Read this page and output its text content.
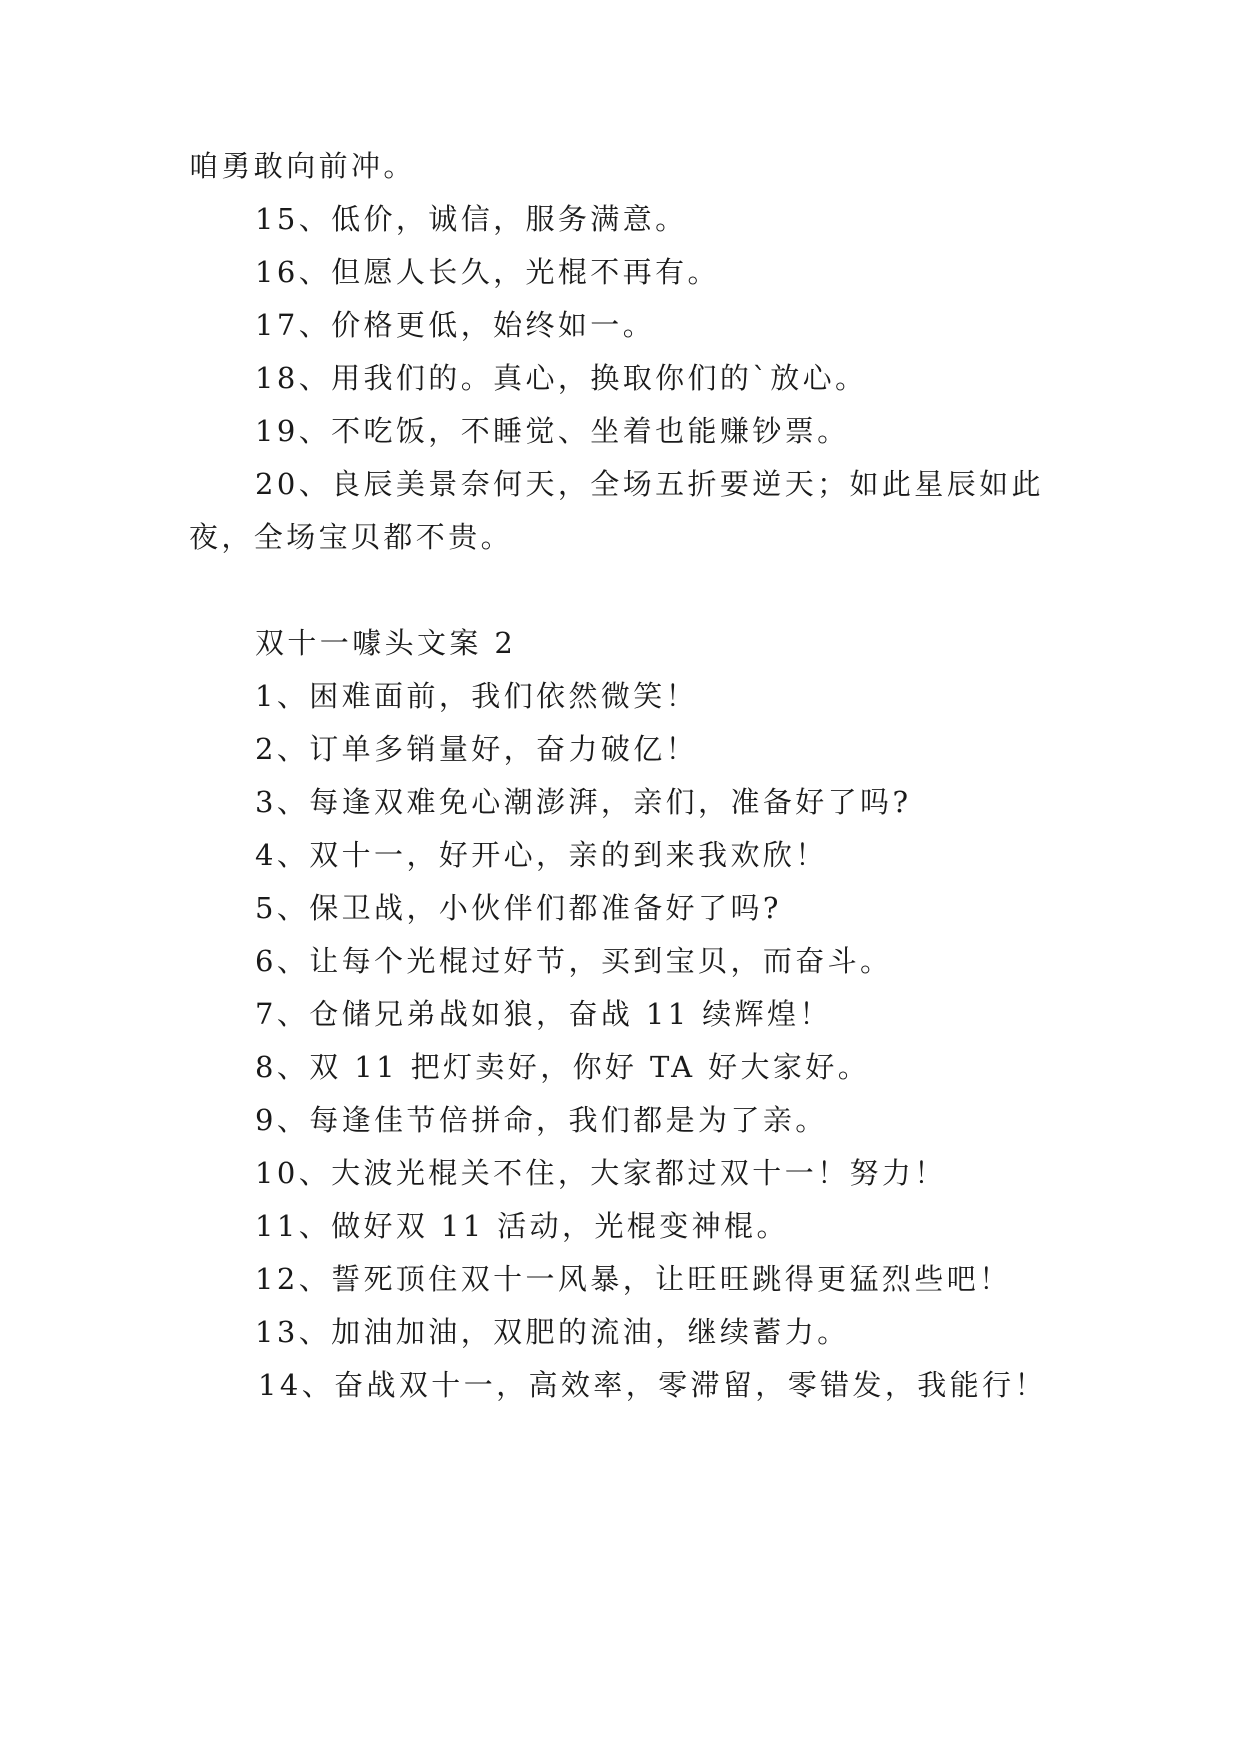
咱勇敢向前冲。
15、低价，诚信，服务满意。
16、但愿人长久，光棍不再有。
17、价格更低，始终如一。
18、用我们的。真心，换取你们的`放心。
19、不吃饭，不睡觉、坐着也能赚钞票。
20、良辰美景奈何天，全场五折要逆天；如此星辰如此
夜，全场宝贝都不贵。
双十一噱头文案 2
1、困难面前，我们依然微笑！
2、订单多销量好，奋力破亿！
3、每逢双难免心潮澎湃，亲们，准备好了吗?
4、双十一，好开心，亲的到来我欢欣！
5、保卫战，小伙伴们都准备好了吗?
6、让每个光棍过好节，买到宝贝，而奋斗。
7、仓储兄弟战如狼，奋战 11 续辉煌！
8、双 11 把灯卖好，你好 TA 好大家好。
9、每逢佳节倍拼命，我们都是为了亲。
10、大波光棍关不住，大家都过双十一！努力！
11、做好双 11 活动，光棍变神棍。
12、誓死顶住双十一风暴，让旺旺跳得更猛烈些吧！
13、加油加油，双肥的流油，继续蓄力。
14、奋战双十一，高效率，零滞留，零错发，我能行！
